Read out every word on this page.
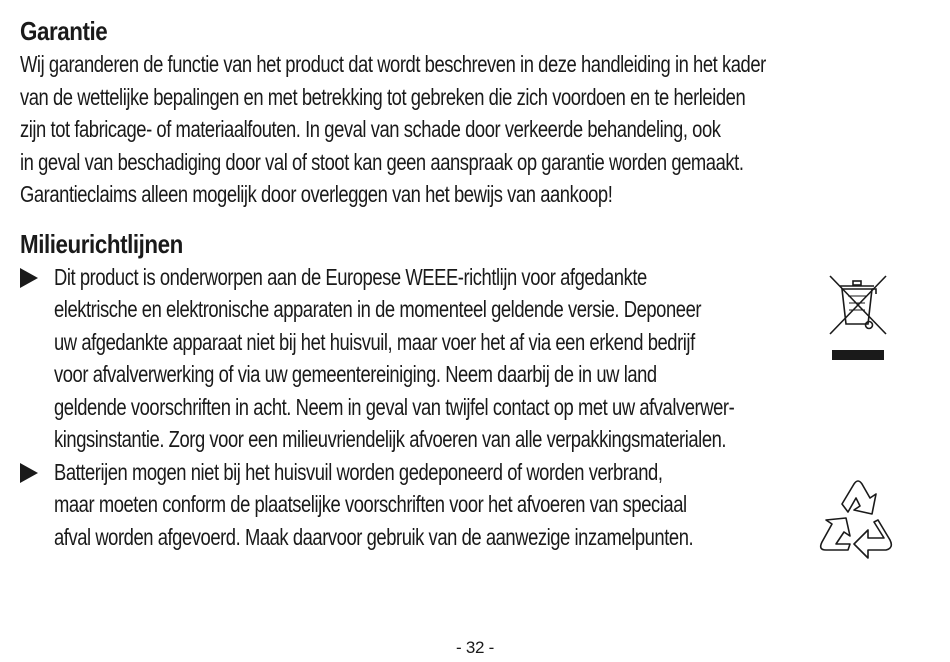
Garantie

Wij garanderen de functie van het product dat wordt beschreven in deze handleiding in het kader
van de wettelijke bepalingen en met betrekking tot gebreken die zich voordoen en te herleiden
zijn tot fabricage- of materiaalfouten. In geval van schade door verkeerde behandeling, ook
in geval van beschadiging door val of stoot kan geen aanspraak op garantie worden gemaakt.
Garantieclaims alleen mogelijk door overleggen van het bewijs van aankoop!

Milieurichtlijnen

Dit product is onderworpen aan de Europese WEEE-richtlijn voor afgedankte
elektrische en elektronische apparaten in de momenteel geldende versie. Deponeer
uw afgedankte apparaat niet bij het huisvuil, maar voer het af via een erkend bedrijf
voor afvalverwerking of via uw gemeentereiniging. Neem daarbij de in uw land
geldende voorschriften in acht. Neem in geval van twijfel contact op met uw afvalverwer-
kingsinstantie. Zorg voor een milieuvriendelijk afvoeren van alle verpakkingsmaterialen.

Batterijen mogen niet bij het huisvuil worden gedeponeerd of worden verbrand,
maar moeten conform de plaatselijke voorschriften voor het afvoeren van speciaal
afval worden afgevoerd. Maak daarvoor gebruik van de aanwezige inzamelpunten.

- 32 -
